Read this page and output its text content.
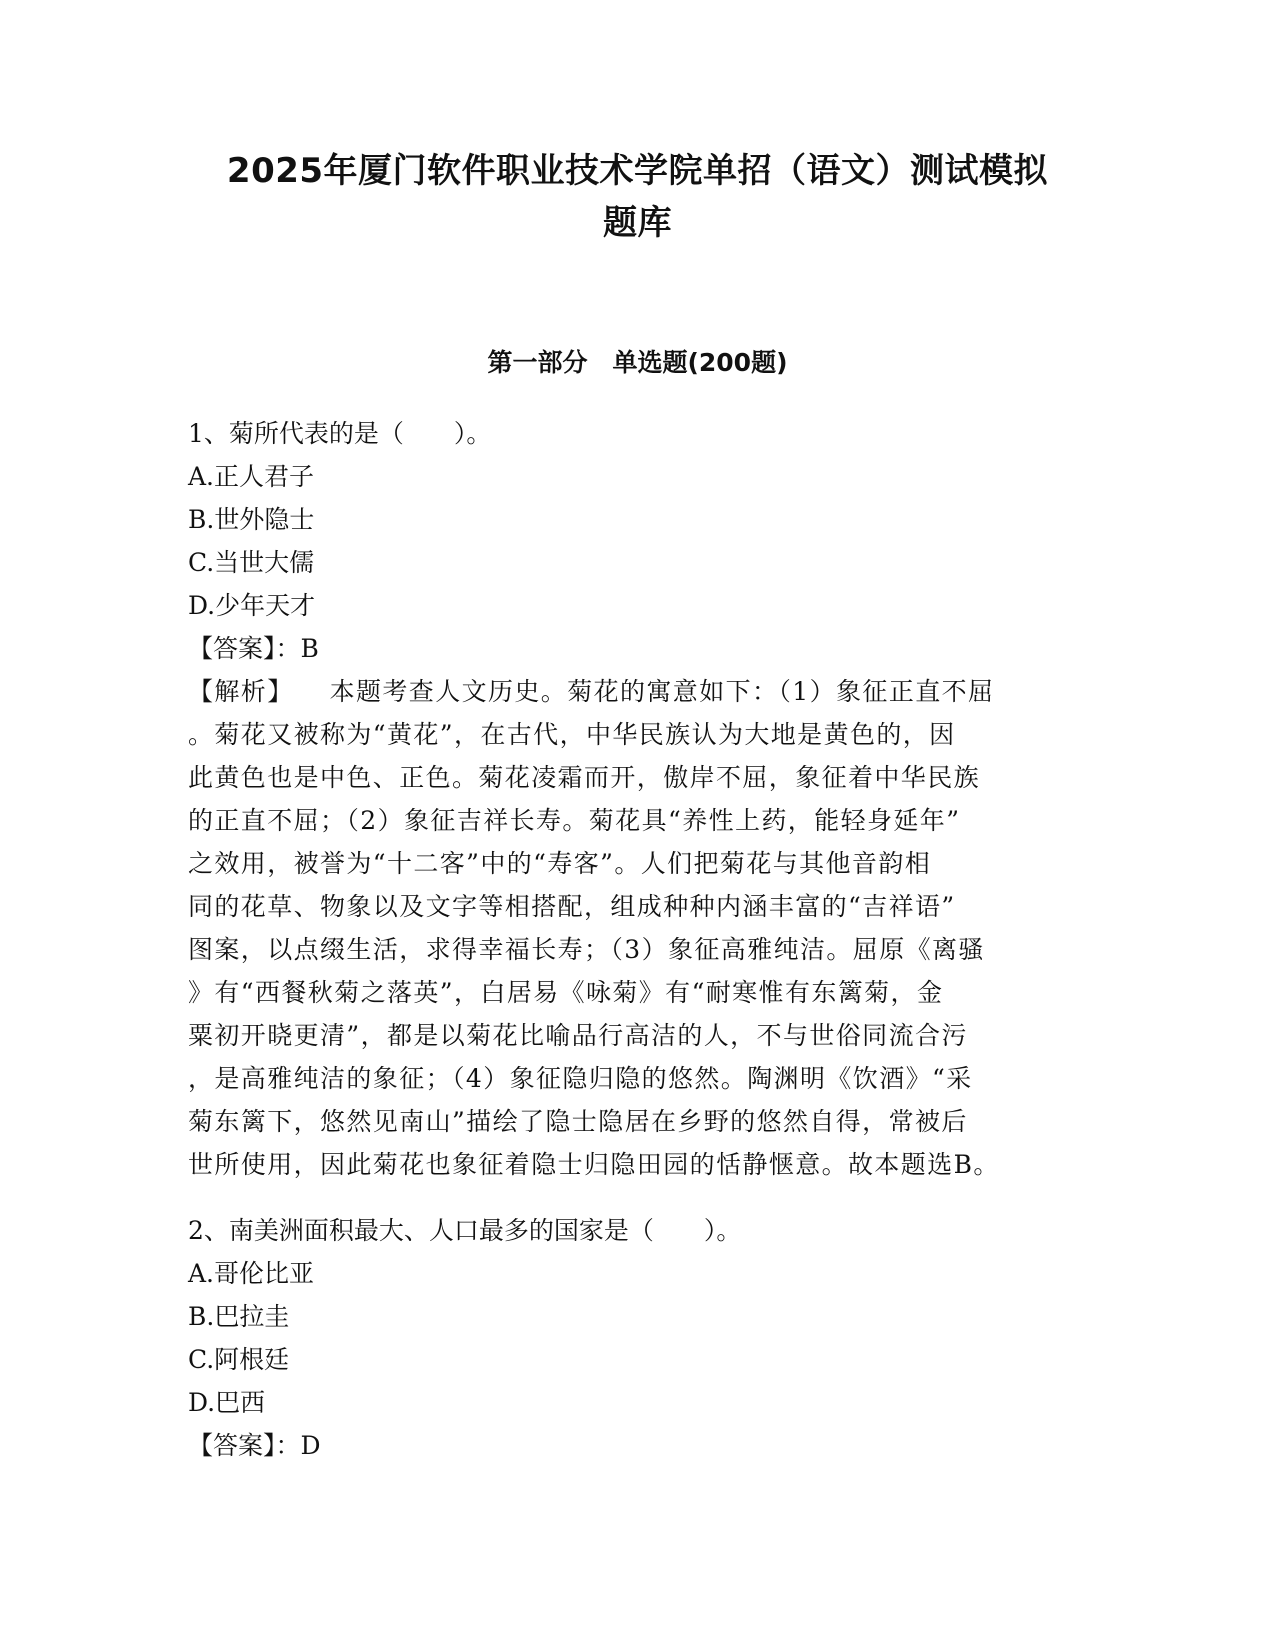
2025年厦门软件职业技术学院单招（语文）测试模拟
题库
第一部分　单选题(200题)
1、菊所代表的是（　　）。
A.正人君子
B.世外隐士
C.当世大儒
D.少年天才
【答案】：B
【解析】 本题考查人文历史。菊花的寓意如下：（1）象征正直不屈
。菊花又被称为“黄花”，在古代，中华民族认为大地是黄色的，因
此黄色也是中色、正色。菊花凌霜而开，傲岸不屈，象征着中华民族
的正直不屈；（2）象征吉祥长寿。菊花具“养性上药，能轻身延年”
之效用，被誉为“十二客”中的“寿客”。人们把菊花与其他音韵相
同的花草、物象以及文字等相搭配，组成种种内涵丰富的“吉祥语”
图案，以点缀生活，求得幸福长寿；（3）象征高雅纯洁。屈原《离骚
》有“西餐秋菊之落英”，白居易《咏菊》有“耐寒惟有东篱菊，金
粟初开晓更清”，都是以菊花比喻品行高洁的人，不与世俗同流合污
，是高雅纯洁的象征；（4）象征隐归隐的悠然。陶渊明《饮酒》“采
菊东篱下，悠然见南山”描绘了隐士隐居在乡野的悠然自得，常被后
世所使用，因此菊花也象征着隐士归隐田园的恬静惬意。故本题选B。
2、南美洲面积最大、人口最多的国家是（　　）。
A.哥伦比亚
B.巴拉圭
C.阿根廷
D.巴西
【答案】：D
